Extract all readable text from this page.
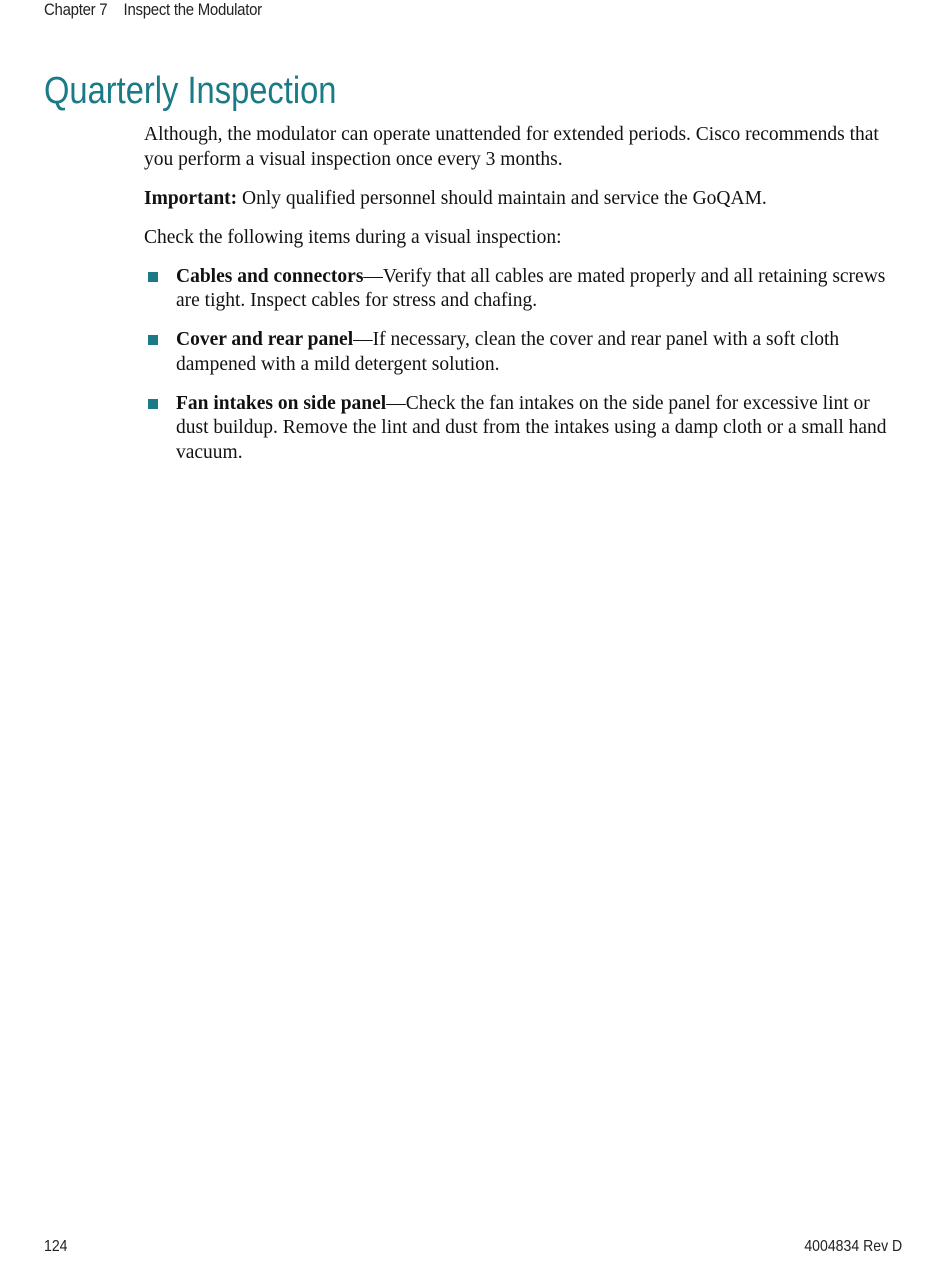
Chapter 7 Inspect the Modulator
Quarterly Inspection

Although, the modulator can operate unattended for extended periods. Cisco recommends that you perform a visual inspection once every 3 months.

Important: Only qualified personnel should maintain and service the GoQAM.

Check the following items during a visual inspection:

Cables and connectors—Verify that all cables are mated properly and all retaining screws are tight. Inspect cables for stress and chafing.
Cover and rear panel—If necessary, clean the cover and rear panel with a soft cloth dampened with a mild detergent solution.
Fan intakes on side panel—Check the fan intakes on the side panel for excessive lint or dust buildup. Remove the lint and dust from the intakes using a damp cloth or a small hand vacuum.
124	4004834 Rev D
